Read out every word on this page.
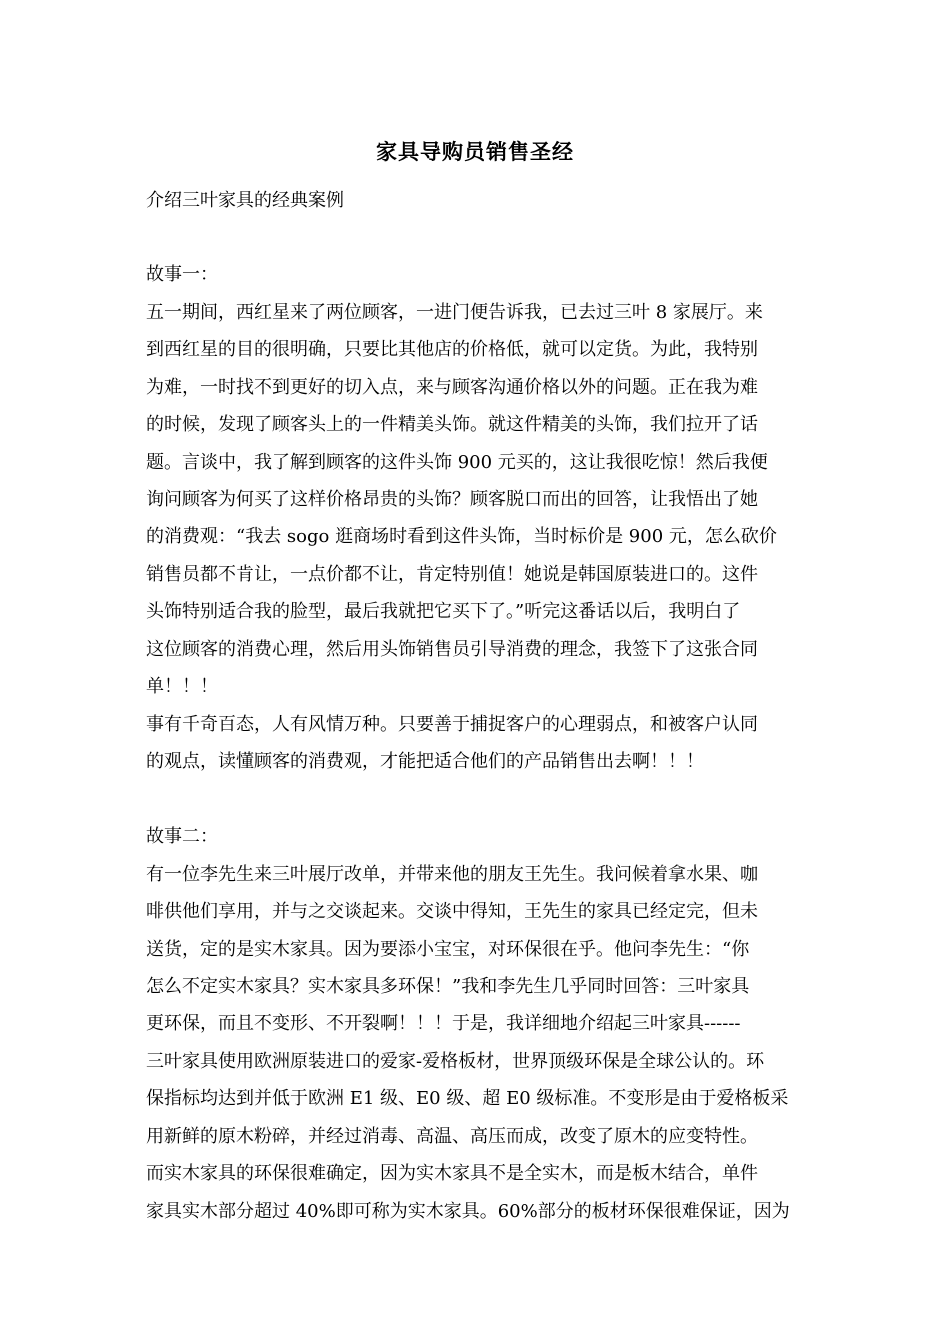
家具导购员销售圣经
介绍三叶家具的经典案例
故事一：
五一期间，西红星来了两位顾客，一进门便告诉我，已去过三叶 8 家展厅。来
到西红星的目的很明确，只要比其他店的价格低，就可以定货。为此，我特别
为难，一时找不到更好的切入点，来与顾客沟通价格以外的问题。正在我为难
的时候，发现了顾客头上的一件精美头饰。就这件精美的头饰，我们拉开了话
题。言谈中，我了解到顾客的这件头饰 900 元买的，这让我很吃惊！然后我便
询问顾客为何买了这样价格昂贵的头饰？顾客脱口而出的回答，让我悟出了她
的消费观：“我去 sogo 逛商场时看到这件头饰，当时标价是 900 元，怎么砍价
销售员都不肯让，一点价都不让，肯定特别值！她说是韩国原装进口的。这件
头饰特别适合我的脸型，最后我就把它买下了。”听完这番话以后，我明白了
这位顾客的消费心理，然后用头饰销售员引导消费的理念，我签下了这张合同
单！！！
事有千奇百态，人有风情万种。只要善于捕捉客户的心理弱点，和被客户认同
的观点，读懂顾客的消费观，才能把适合他们的产品销售出去啊！！！
故事二：
有一位李先生来三叶展厅改单，并带来他的朋友王先生。我问候着拿水果、咖
啡供他们享用，并与之交谈起来。交谈中得知，王先生的家具已经定完，但未
送货，定的是实木家具。因为要添小宝宝，对环保很在乎。他问李先生：“你
怎么不定实木家具？实木家具多环保！”我和李先生几乎同时回答：三叶家具
更环保，而且不变形、不开裂啊！！！于是，我详细地介绍起三叶家具------
三叶家具使用欧洲原装进口的爱家-爱格板材，世界顶级环保是全球公认的。环
保指标均达到并低于欧洲 E1 级、E0 级、超 E0 级标准。不变形是由于爱格板采
用新鲜的原木粉碎，并经过消毒、高温、高压而成，改变了原木的应变特性。
而实木家具的环保很难确定，因为实木家具不是全实木，而是板木结合，单件
家具实木部分超过 40%即可称为实木家具。60%部分的板材环保很难保证，因为
